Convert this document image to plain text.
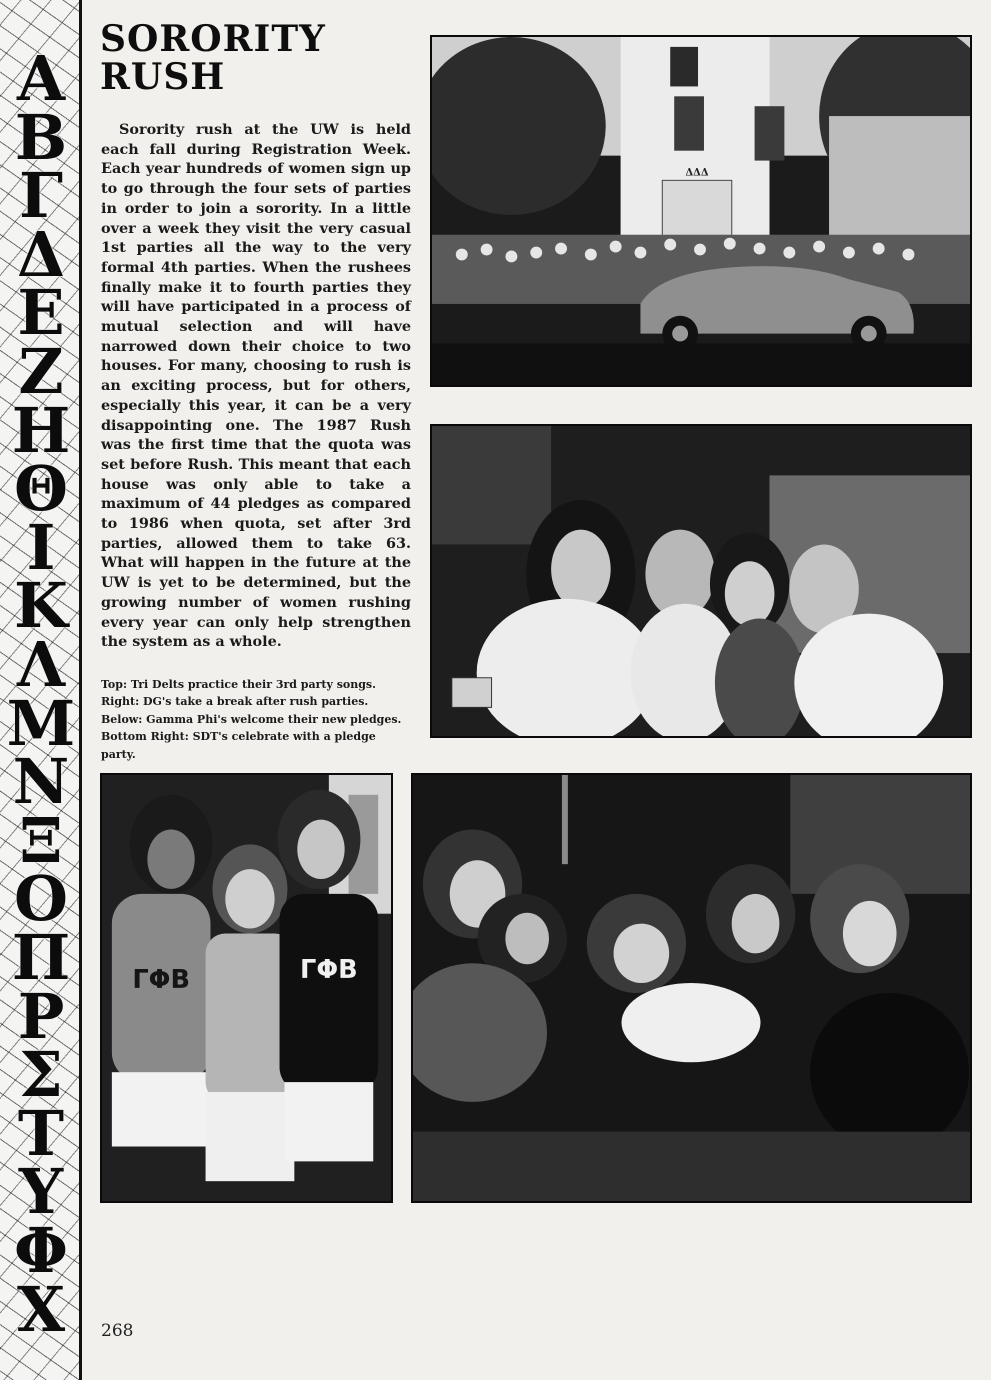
Α
Β
Γ
Δ
Ε
Ζ
Η
Θ
Ι
Κ
Λ
Μ
Ν
Ξ
Ο
Π
Ρ
Σ
Τ
Υ
Φ
Χ
SORORITY
RUSH

Sorority rush at the UW is held each fall during Registration Week. Each year hundreds of women sign up to go through the four sets of parties in order to join a sorority. In a little over a week they visit the very casual 1st parties all the way to the very formal 4th parties. When the rushees finally make it to fourth parties they will have participated in a process of mutual selection and will have narrowed down their choice to two houses. For many, choosing to rush is an exciting process, but for others, especially this year, it can be a very disappointing one. The 1987 Rush was the first time that the quota was set before Rush. This meant that each house was only able to take a maximum of 44 pledges as compared to 1986 when quota, set after 3rd parties, allowed them to take 63. What will happen in the future at the UW is yet to be determined, but the growing number of women rushing every year can only help strengthen the system as a whole.

Top: Tri Delts practice their 3rd party songs. Right: DG's take a break after rush parties. Below: Gamma Phi's welcome their new pledges. Bottom Right: SDT's celebrate with a pledge party.

ΔΔΔ
ΓΦΒ	ΓΦΒ
268
